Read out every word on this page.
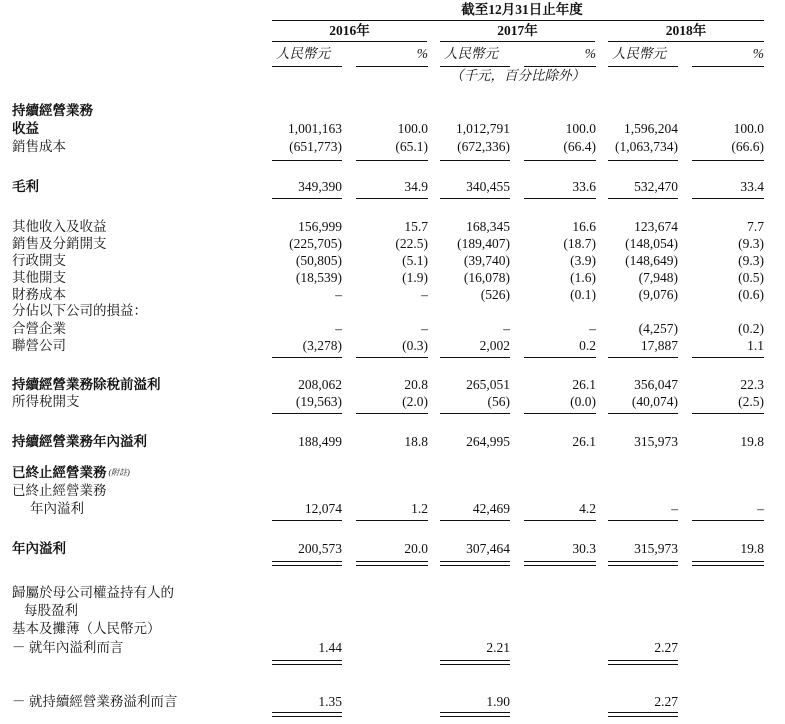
截至12月31日止年度
2016年	2017年	2018年
人民幣元	% 人民幣元	% 人民幣元	%
（千元，百分比除外）
持續經營業務
分佔以下公司的損益：
已終止經營業務 $^{(附註)}$
收益	1,001,163	100.0	1,012,791	100.0	1,596,204	100.0
銷售成本	(651,773)	(65.1)	(672,336)	(66.4)	(1,063,734)	(66.6)
毛利	349,390	34.9	340,455	33.6	532,470	33.4
其他收入及收益	156,999	15.7	168,345	16.6	123,674	7.7
銷售及分銷開支	(225,705)	(22.5)	(189,407)	(18.7)	(148,054)	(9.3)
行政開支	(50,805)	(5.1)	(39,740)	(3.9)	(148,649)	(9.3)
其他開支	(18,539)	(1.9)	(16,078)	(1.6)	(7,948)	(0.5)
財務成本	–	–	(526)	(0.1)	(9,076)	(0.6)
合營企業	–	–	–	–	(4,257)	(0.2)
聯營公司	(3,278)	(0.3)	2,002	0.2	17,887	1.1
持續經營業務除稅前溢利	208,062	20.8	265,051	26.1	356,047	22.3
所得稅開支	(19,563)	(2.0)	(56)	(0.0)	(40,074)	(2.5)
持續經營業務年內溢利	188,499	18.8	264,995	26.1	315,973	19.8
已終止經營業務
年內溢利	12,074	1.2	42,469	4.2	–	–
年內溢利	200,573	20.0	307,464	30.3	315,973	19.8
歸屬於母公司權益持有人的
每股盈利
基本及攤薄（人民幣元）
－ 就年內溢利而言	1.44	2.21	2.27
－ 就持續經營業務溢利而言	1.35	1.90	2.27
